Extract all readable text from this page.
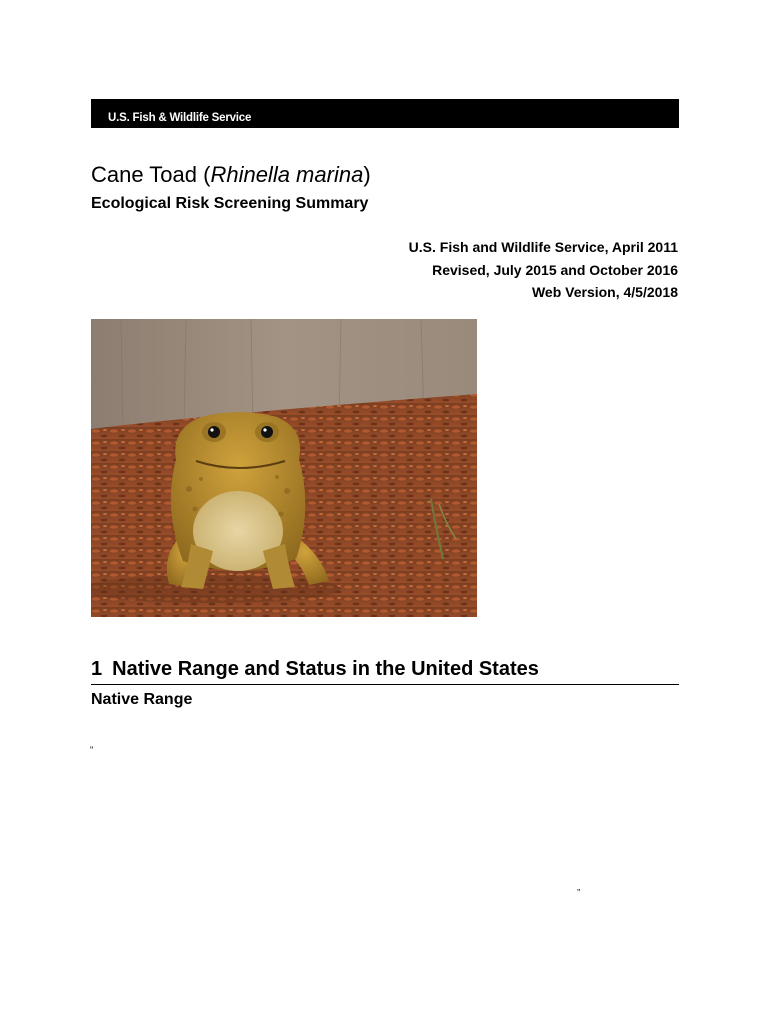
U.S. Fish & Wildlife Service
Cane Toad (Rhinella marina)
Ecological Risk Screening Summary
U.S. Fish and Wildlife Service, April 2011
Revised, July 2015 and October 2016
Web Version, 4/5/2018
1 Native Range and Status in the United States
Native Range
“
”
